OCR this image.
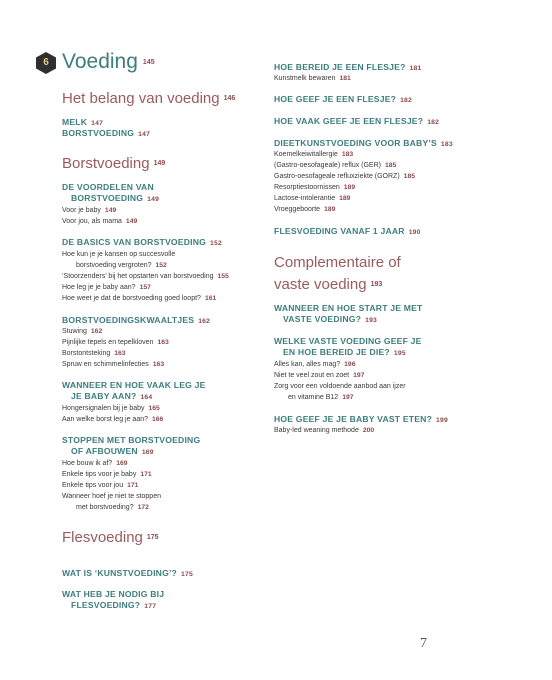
6 Voeding 145
Het belang van voeding 146
MELK 147
BORSTVOEDING 147
Borstvoeding 149
DE VOORDELEN VAN
BORSTVOEDING 149
Voor je baby 149
Voor jou, als mama 149
DE BASICS VAN BORSTVOEDING 152
Hoe kun je je kansen op succesvolle
borstvoeding vergroten? 152
‘Stoorzenders’ bij het opstarten van borstvoeding 155
Hoe leg je je baby aan? 157
Hoe weet je dat de borstvoeding goed loopt? 161
BORSTVOEDINGSKWAALTJES 162
Stuwing 162
Pijnlijke tepels en tepelkloven 163
Borstontsteking 163
Spruw en schimmelinfecties 163
WANNEER EN HOE VAAK LEG JE
JE BABY AAN? 164
Hongersignalen bij je baby 165
Aan welke borst leg je aan? 166
STOPPEN MET BORSTVOEDING
OF AFBOUWEN 169
Hoe bouw ik af? 169
Enkele tips voor je baby 171
Enkele tips voor jou 171
Wanneer hoef je niet te stoppen
met borstvoeding? 172
Flesvoeding 175
WAT IS ‘KUNSTVOEDING’? 175
WAT HEB JE NODIG BIJ
FLESVOEDING? 177
HOE BEREID JE EEN FLESJE? 181
Kunstmelk bewaren 181
HOE GEEF JE EEN FLESJE? 182
HOE VAAK GEEF JE EEN FLESJE? 182
DIEETKUNSTVOEDING VOOR BABY’S 183
Koemelkeiwitallergie 183
(Gastro-oesofageale) reflux (GER) 185
Gastro-oesofageale refluxziekte (GORZ) 185
Resorptiestoornissen 189
Lactose-intolerantie 189
Vroeggeboorte 189
FLESVOEDING VANAF 1 JAAR 190
Complementaire of
vaste voeding 193
WANNEER EN HOE START JE MET
VASTE VOEDING? 193
WELKE VASTE VOEDING GEEF JE
EN HOE BEREID JE DIE? 195
Alles kan, alles mag? 196
Niet te veel zout en zoet 197
Zorg voor een voldoende aanbod aan ijzer
en vitamine B12 197
HOE GEEF JE JE BABY VAST ETEN? 199
Baby-led weaning methode 200
7
